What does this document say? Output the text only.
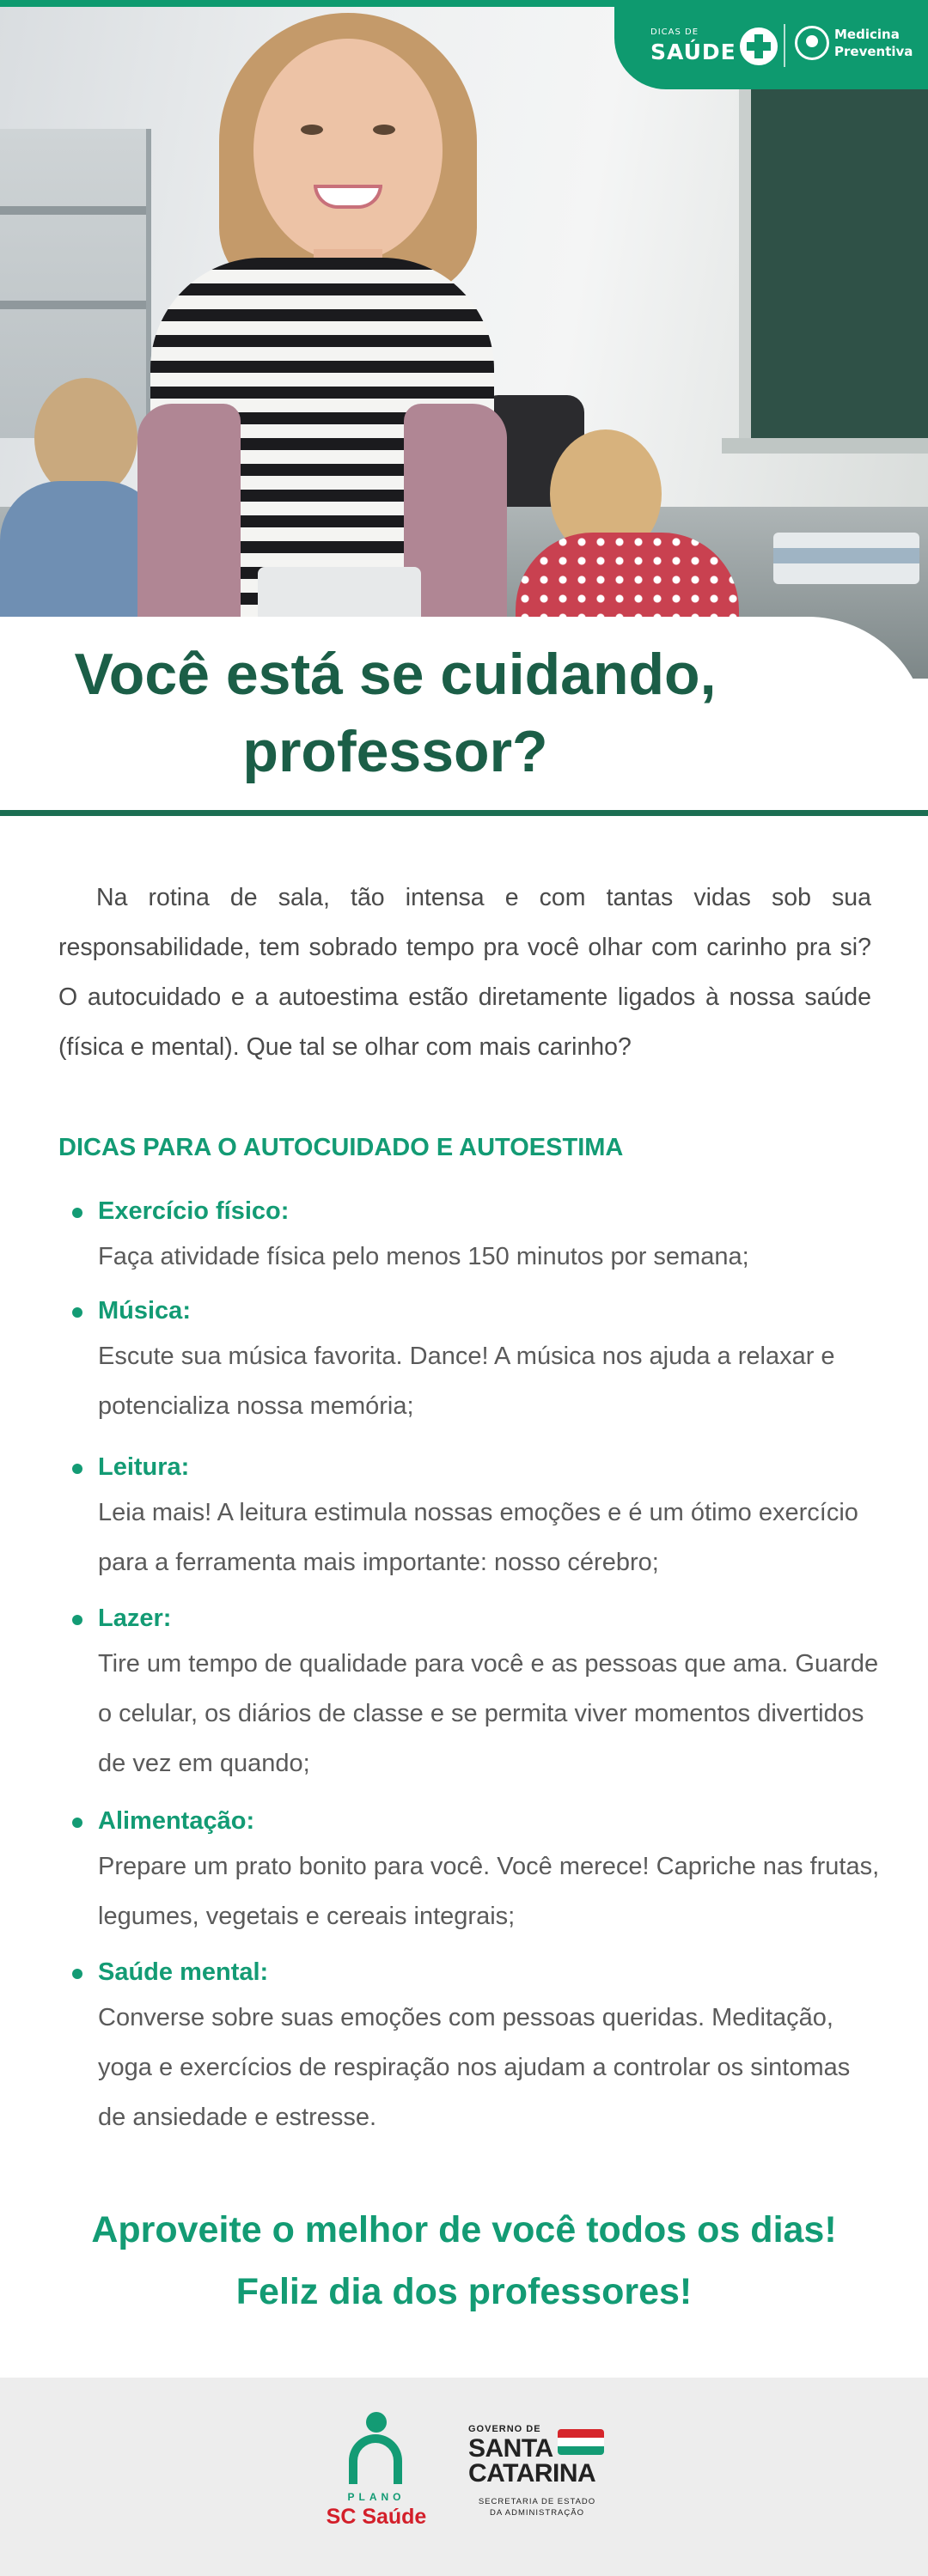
DICAS DE
SAÚDE
Medicina
Preventiva
Você está se cuidando,
professor?

Na rotina de sala, tão intensa e com tantas vidas sob sua responsabilidade, tem sobrado tempo pra você olhar com carinho pra si? O autocuidado e a autoestima estão diretamente ligados à nossa saúde (física e mental). Que tal se olhar com mais carinho?

DICAS PARA O AUTOCUIDADO E AUTOESTIMA

Exercício físico:

Faça atividade física pelo menos 150 minutos por semana;

Música:

Escute sua música favorita. Dance! A música nos ajuda a relaxar e potencializa nossa memória;

Leitura:

Leia mais! A leitura estimula nossas emoções e é um ótimo exercício para a ferramenta mais importante: nosso cérebro;

Lazer:

Tire um tempo de qualidade para você e as pessoas que ama. Guarde o celular, os diários de classe e se permita viver momentos divertidos de vez em quando;

Alimentação:

Prepare um prato bonito para você. Você merece! Capriche nas frutas, legumes, vegetais e cereais integrais;

Saúde mental:

Converse sobre suas emoções com pessoas queridas. Meditação, yoga e exercícios de respiração nos ajudam a controlar os sintomas de ansiedade e estresse.

Aproveite o melhor de você todos os dias!
Feliz dia dos professores!

PLANO
SC Saúde
GOVERNO DE
SANTA
CATARINA
SECRETARIA DE ESTADO
DA ADMINISTRAÇÃO
